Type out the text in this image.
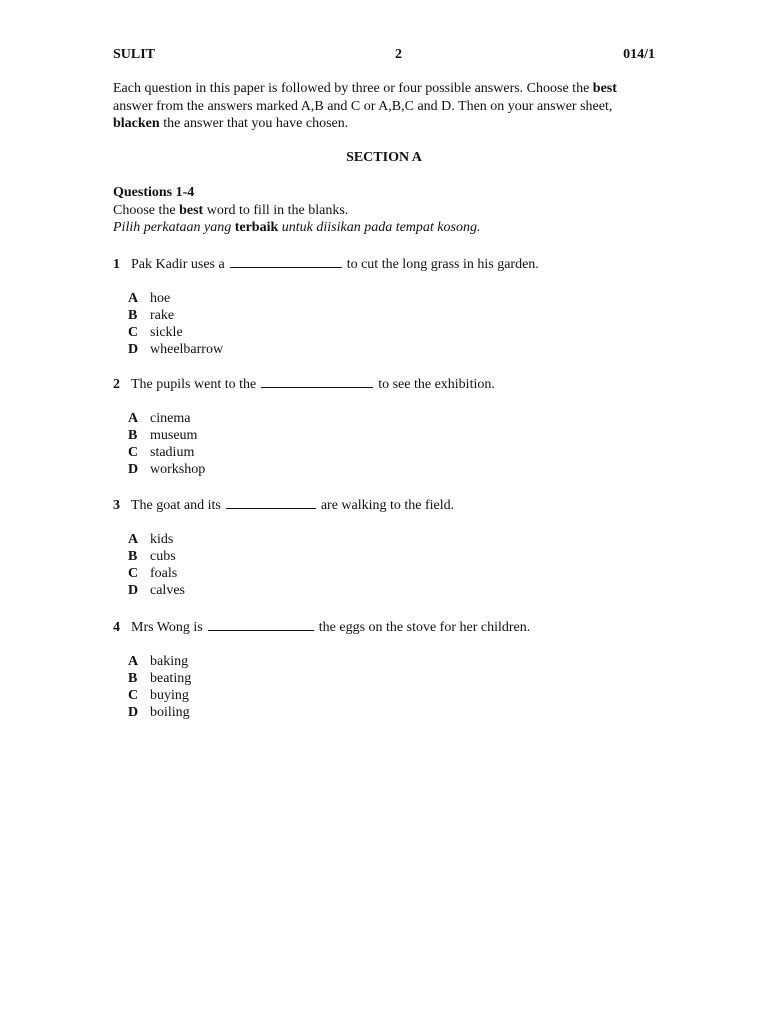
SULIT	2	014/1

Each question in this paper is followed by three or four possible answers. Choose the best

answer from the answers marked A,B and C or A,B,C and D. Then on your answer sheet,

blacken the answer that you have chosen.

SECTION A

Questions 1-4

Choose the best word to fill in the blanks.

Pilih perkataan yang terbaik untuk diisikan pada tempat kosong.

1 Pak Kadir uses a	to cut the long grass in his garden.
A hoe
B rake
C sickle
D wheelbarrow
2 The pupils went to the	to see the exhibition.
A cinema
B museum
C stadium
D workshop
3 The goat and its	are walking to the field.
A kids
B cubs
C foals
D calves
4 Mrs Wong is	the eggs on the stove for her children.
A baking
B beating
C buying
D boiling
